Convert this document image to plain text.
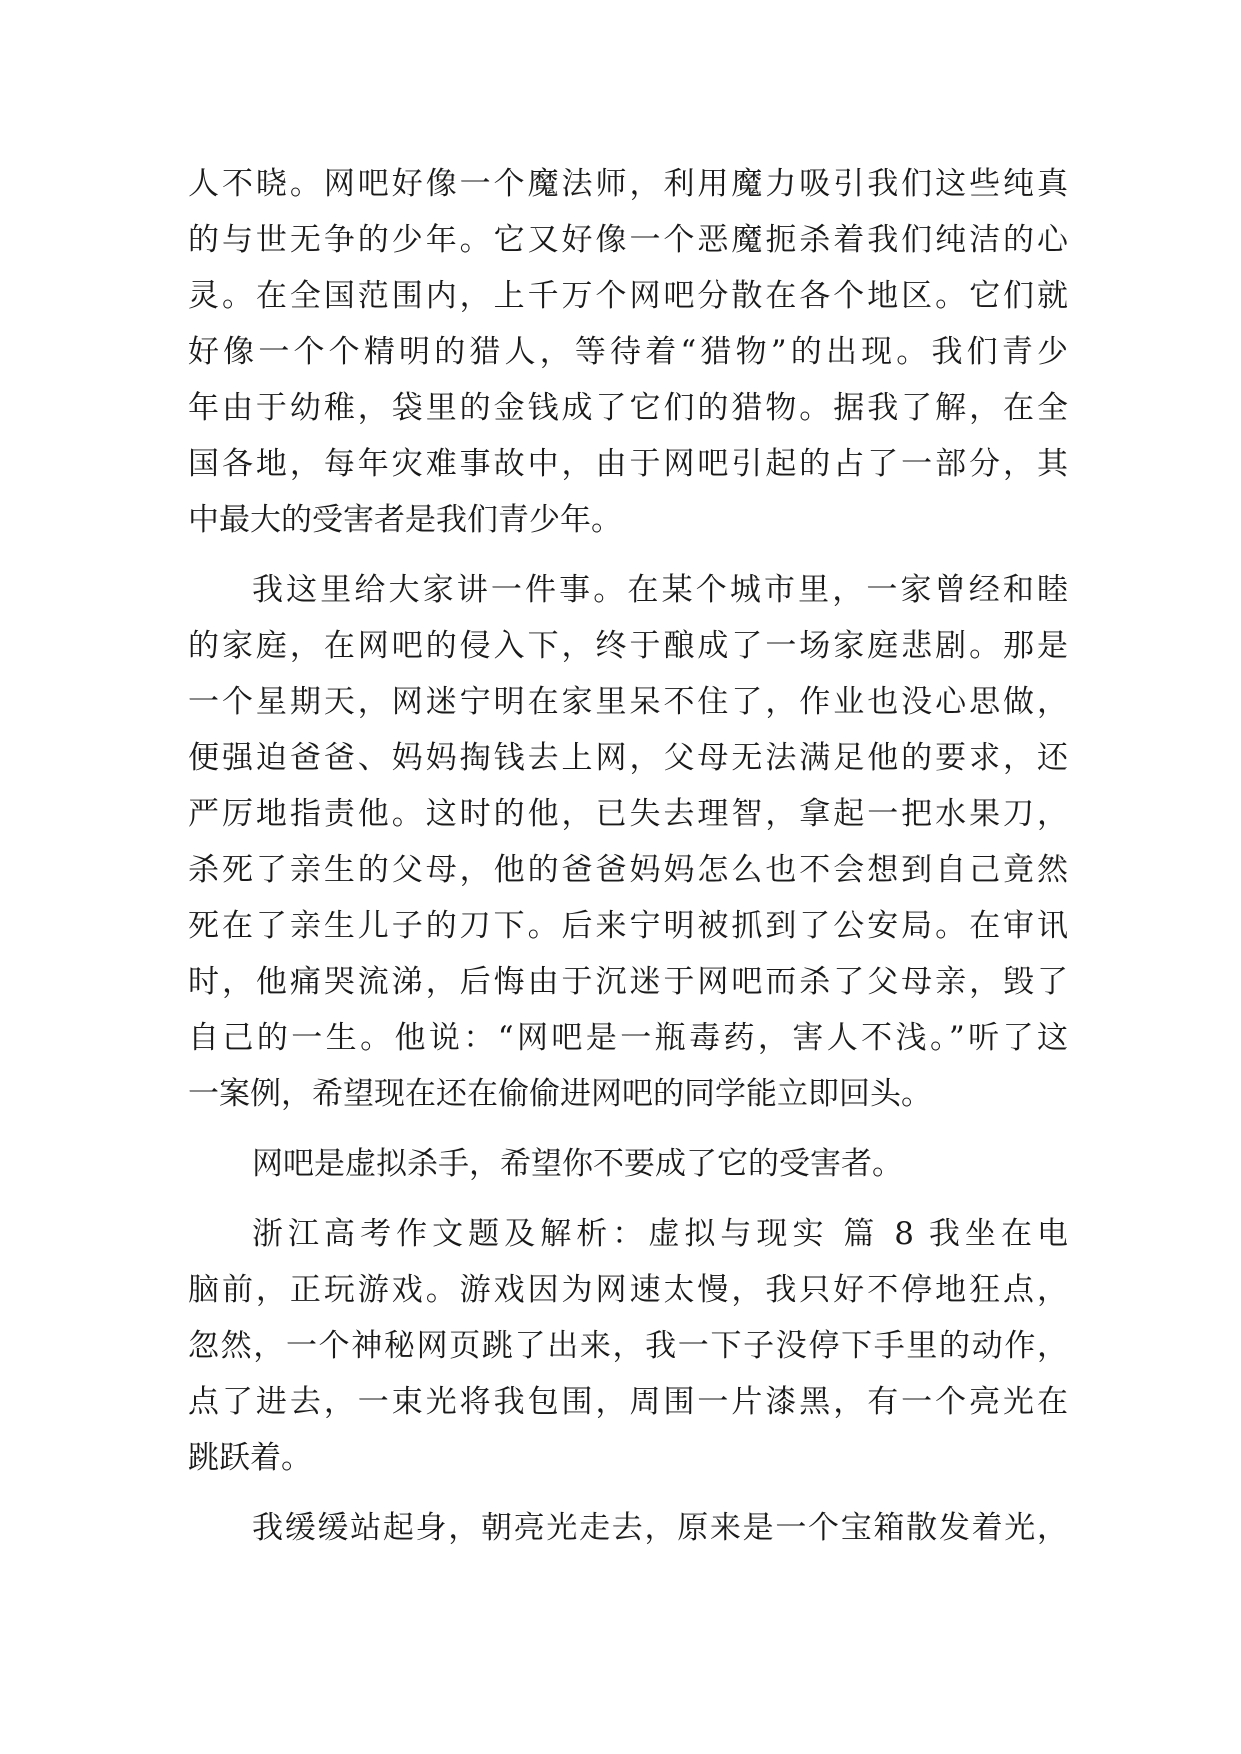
人不晓。网吧好像一个魔法师，利用魔力吸引我们这些纯真
的与世无争的少年。它又好像一个恶魔扼杀着我们纯洁的心
灵。在全国范围内，上千万个网吧分散在各个地区。它们就
好像一个个精明的猎人，等待着“猎物”的出现。我们青少
年由于幼稚，袋里的金钱成了它们的猎物。据我了解，在全
国各地，每年灾难事故中，由于网吧引起的占了一部分，其
中最大的受害者是我们青少年。
我这里给大家讲一件事。在某个城市里，一家曾经和睦
的家庭，在网吧的侵入下，终于酿成了一场家庭悲剧。那是
一个星期天，网迷宁明在家里呆不住了，作业也没心思做，
便强迫爸爸、妈妈掏钱去上网，父母无法满足他的要求，还
严厉地指责他。这时的他，已失去理智，拿起一把水果刀，
杀死了亲生的父母，他的爸爸妈妈怎么也不会想到自己竟然
死在了亲生儿子的刀下。后来宁明被抓到了公安局。在审讯
时，他痛哭流涕，后悔由于沉迷于网吧而杀了父母亲，毁了
自己的一生。他说：“网吧是一瓶毒药，害人不浅。”听了这
一案例，希望现在还在偷偷进网吧的同学能立即回头。
网吧是虚拟杀手，希望你不要成了它的受害者。
浙江高考作文题及解析：虚拟与现实 篇 8 我坐在电
脑前，正玩游戏。游戏因为网速太慢，我只好不停地狂点，
忽然，一个神秘网页跳了出来，我一下子没停下手里的动作，
点了进去，一束光将我包围，周围一片漆黑，有一个亮光在
跳跃着。
我缓缓站起身，朝亮光走去，原来是一个宝箱散发着光，
